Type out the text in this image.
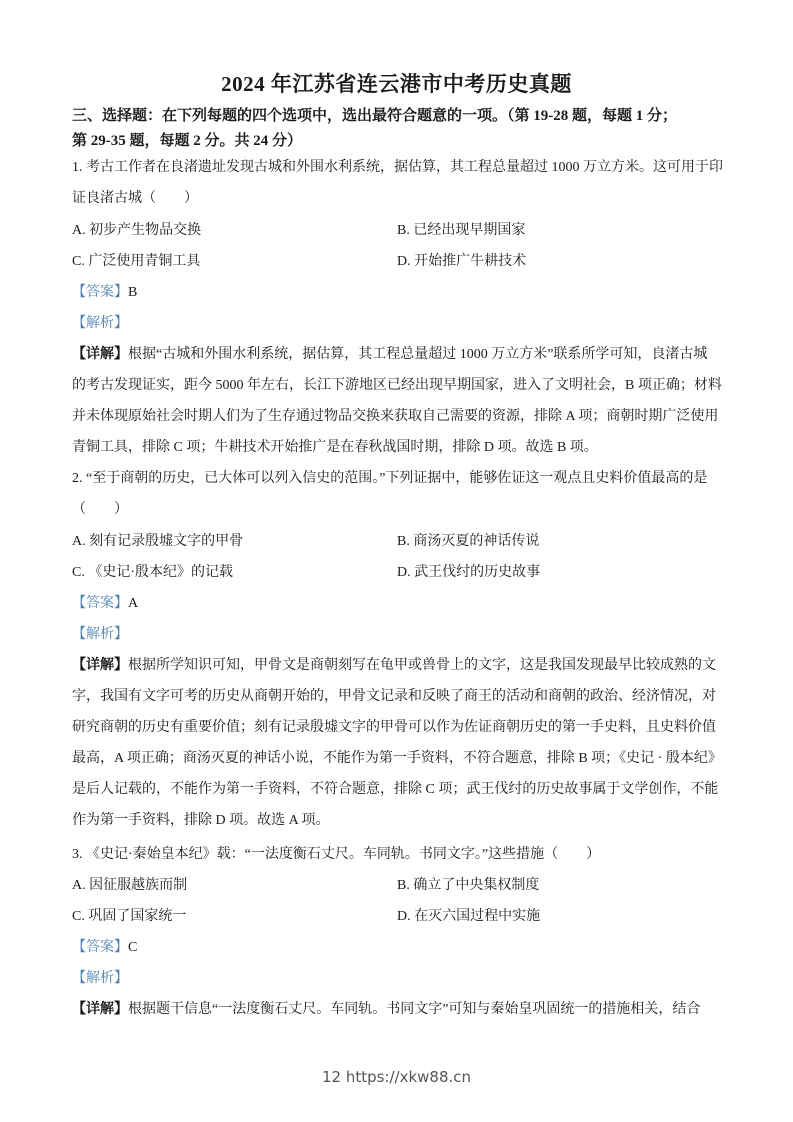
2024 年江苏省连云港市中考历史真题
三、选择题：在下列每题的四个选项中，选出最符合题意的一项。（第 19-28 题，每题 1 分；
第 29-35 题，每题 2 分。共 24 分）
1. 考古工作者在良渚遗址发现古城和外围水利系统，据估算，其工程总量超过 1000 万立方米。这可用于印
证良渚古城（　　）
A. 初步产生物品交换	B. 已经出现早期国家
C. 广泛使用青铜工具	D. 开始推广牛耕技术
【答案】B
【解析】
【详解】根据“古城和外围水利系统，据估算，其工程总量超过 1000 万立方米”联系所学可知，良渚古城
的考古发现证实，距今 5000 年左右，长江下游地区已经出现早期国家，进入了文明社会，B 项正确；材料
并未体现原始社会时期人们为了生存通过物品交换来获取自己需要的资源，排除 A 项；商朝时期广泛使用
青铜工具，排除 C 项；牛耕技术开始推广是在春秋战国时期，排除 D 项。故选 B 项。
2. “至于商朝的历史，已大体可以列入信史的范围。”下列证据中，能够佐证这一观点且史料价值最高的是
（　　）
A. 刻有记录殷墟文字的甲骨	B. 商汤灭夏的神话传说
C. 《史记·殷本纪》的记载	D. 武王伐纣的历史故事
【答案】A
【解析】
【详解】根据所学知识可知，甲骨文是商朝刻写在龟甲或兽骨上的文字，这是我国发现最早比较成熟的文
字，我国有文字可考的历史从商朝开始的，甲骨文记录和反映了商王的活动和商朝的政治、经济情况，对
研究商朝的历史有重要价值；刻有记录殷墟文字的甲骨可以作为佐证商朝历史的第一手史料，且史料价值
最高，A 项正确；商汤灭夏的神话小说，不能作为第一手资料，不符合题意，排除 B 项；《史记 · 殷本纪》
是后人记载的，不能作为第一手资料，不符合题意，排除 C 项；武王伐纣的历史故事属于文学创作，不能
作为第一手资料，排除 D 项。故选 A 项。
3. 《史记·秦始皇本纪》载：“一法度衡石丈尺。车同轨。书同文字。”这些措施（　　）
A. 因征服越族而制	B. 确立了中央集权制度
C. 巩固了国家统一	D. 在灭六国过程中实施
【答案】C
【解析】
【详解】根据题干信息“一法度衡石丈尺。车同轨。书同文字”可知与秦始皇巩固统一的措施相关，结合
12 https://xkw88.cn
